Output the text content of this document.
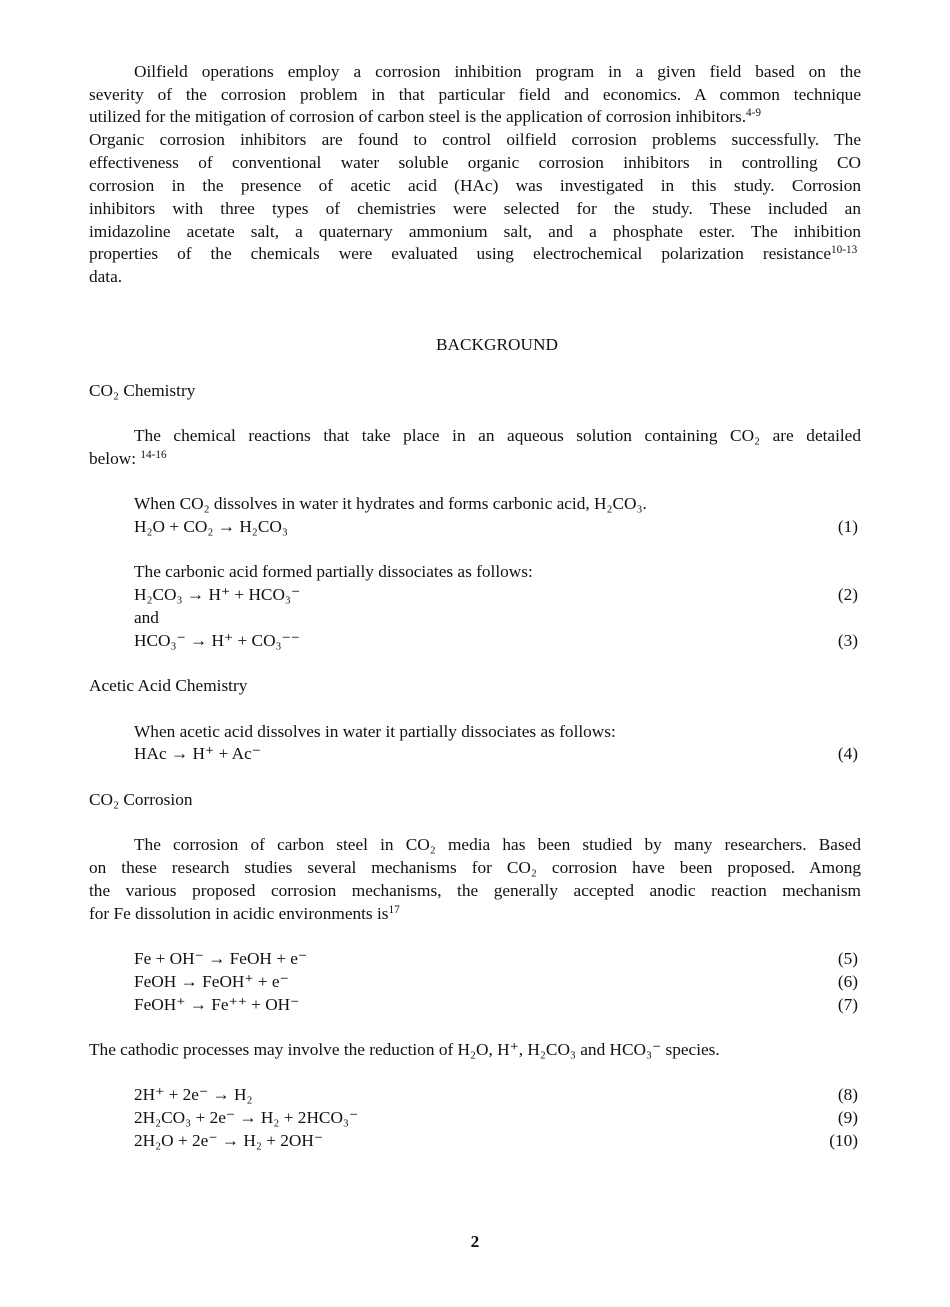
Oilfield operations employ a corrosion inhibition program in a given field based on the
severity of the corrosion problem in that particular field and economics. A common technique
utilized for the mitigation of corrosion of carbon steel is the application of corrosion inhibitors.$^{4-9}$
Organic corrosion inhibitors are found to control oilfield corrosion problems successfully. The
effectiveness of conventional water soluble organic corrosion inhibitors in controlling CO
corrosion in the presence of acetic acid (HAc) was investigated in this study. Corrosion
inhibitors with three types of chemistries were selected for the study. These included an
imidazoline acetate salt, a quaternary ammonium salt, and a phosphate ester. The inhibition
properties of the chemicals were evaluated using electrochemical polarization resistance$^{10-13}$
data.
BACKGROUND
CO₂ Chemistry
The chemical reactions that take place in an aqueous solution containing CO₂ are detailed
below: $^{14-16}$
When CO₂ dissolves in water it hydrates and forms carbonic acid, H₂CO₃.
H₂O + CO₂ → H₂CO₃	(1)
The carbonic acid formed partially dissociates as follows:
H₂CO₃ → H⁺ + HCO₃⁻	(2)
and
HCO₃⁻ → H⁺ + CO₃⁻⁻	(3)
Acetic Acid Chemistry
When acetic acid dissolves in water it partially dissociates as follows:
HAc → H⁺ + Ac⁻	(4)
CO₂ Corrosion
The corrosion of carbon steel in CO₂ media has been studied by many researchers. Based
on these research studies several mechanisms for CO₂ corrosion have been proposed. Among
the various proposed corrosion mechanisms, the generally accepted anodic reaction mechanism
for Fe dissolution in acidic environments $is^{17}$
Fe + OH⁻ → FeOH + e⁻	(5)
FeOH → FeOH⁺ + e⁻	(6)
FeOH⁺ → Fe⁺⁺ + OH⁻	(7)
The cathodic processes may involve the reduction of H₂O, H⁺, H₂CO₃ and HCO₃⁻ species.
2H⁺ + 2e⁻ → H₂	(8)
2H₂CO₃ + 2e⁻ → H₂ + 2HCO₃⁻	(9)
2H₂O + 2e⁻ → H₂ + 2OH⁻	(10)
2
